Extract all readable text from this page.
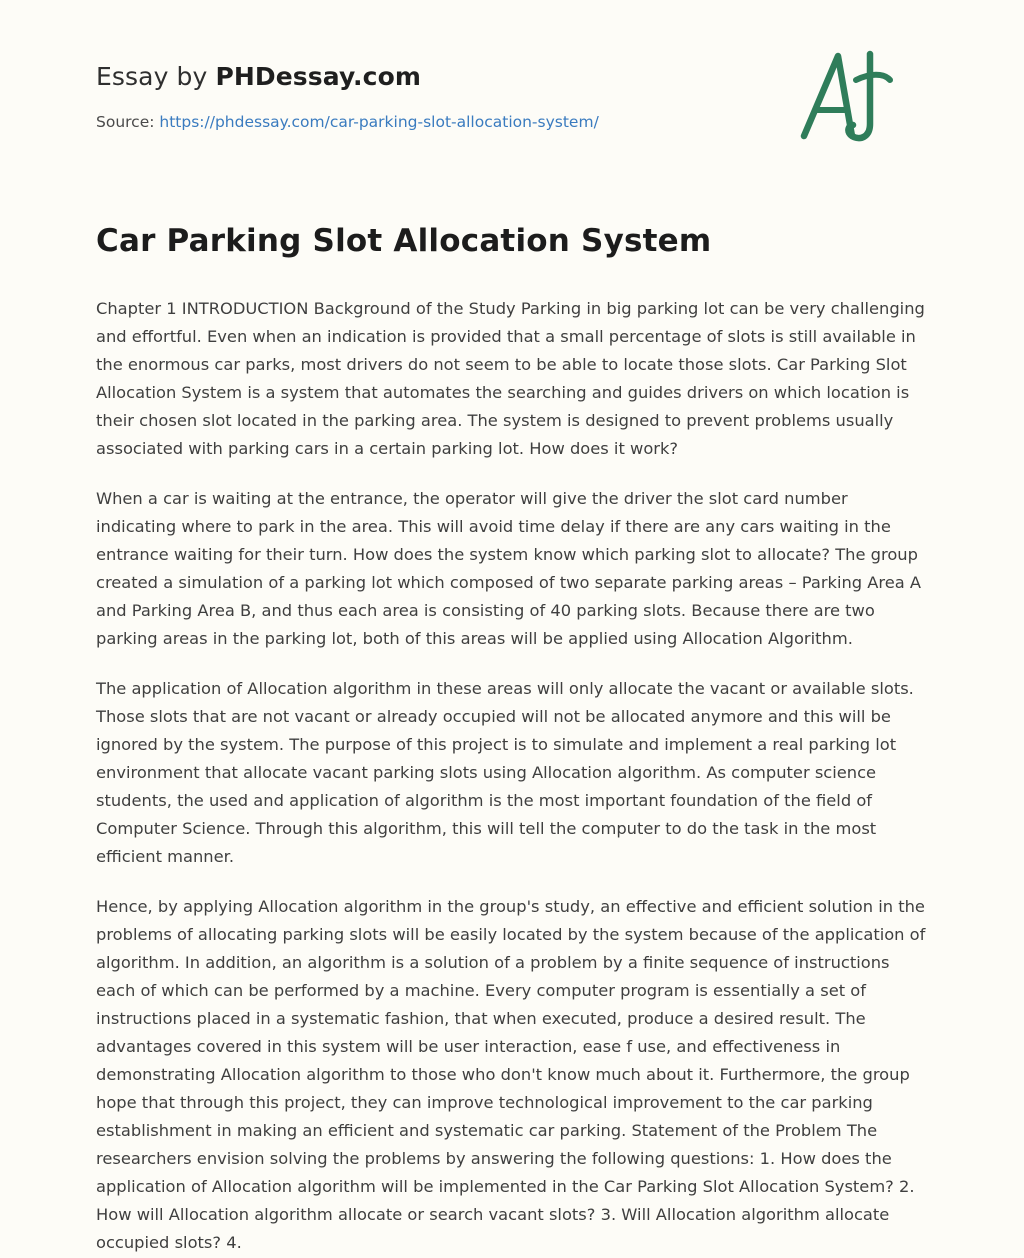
Essay by PHDessay.com
Source: https://phdessay.com/car-parking-slot-allocation-system/
Car Parking Slot Allocation System

Chapter 1 INTRODUCTION Background of the Study Parking in big parking lot can be very challenging and effortful. Even when an indication is provided that a small percentage of slots is still available in the enormous car parks, most drivers do not seem to be able to locate those slots. Car Parking Slot Allocation System is a system that automates the searching and guides drivers on which location is their chosen slot located in the parking area. The system is designed to prevent problems usually associated with parking cars in a certain parking lot. How does it work?

When a car is waiting at the entrance, the operator will give the driver the slot card number indicating where to park in the area. This will avoid time delay if there are any cars waiting in the entrance waiting for their turn. How does the system know which parking slot to allocate? The group created a simulation of a parking lot which composed of two separate parking areas – Parking Area A and Parking Area B, and thus each area is consisting of 40 parking slots. Because there are two parking areas in the parking lot, both of this areas will be applied using Allocation Algorithm.

The application of Allocation algorithm in these areas will only allocate the vacant or available slots. Those slots that are not vacant or already occupied will not be allocated anymore and this will be ignored by the system. The purpose of this project is to simulate and implement a real parking lot environment that allocate vacant parking slots using Allocation algorithm. As computer science students, the used and application of algorithm is the most important foundation of the field of Computer Science. Through this algorithm, this will tell the computer to do the task in the most efficient manner.

Hence, by applying Allocation algorithm in the group's study, an effective and efficient solution in the problems of allocating parking slots will be easily located by the system because of the application of algorithm. In addition, an algorithm is a solution of a problem by a finite sequence of instructions each of which can be performed by a machine. Every computer program is essentially a set of instructions placed in a systematic fashion, that when executed, produce a desired result. The advantages covered in this system will be user interaction, ease f use, and effectiveness in demonstrating Allocation algorithm to those who don't know much about it. Furthermore, the group hope that through this project, they can improve technological improvement to the car parking establishment in making an efficient and systematic car parking. Statement of the Problem The researchers envision solving the problems by answering the following questions: 1. How does the application of Allocation algorithm will be implemented in the Car Parking Slot Allocation System? 2. How will Allocation algorithm allocate or search vacant slots? 3. Will Allocation algorithm allocate occupied slots? 4.
